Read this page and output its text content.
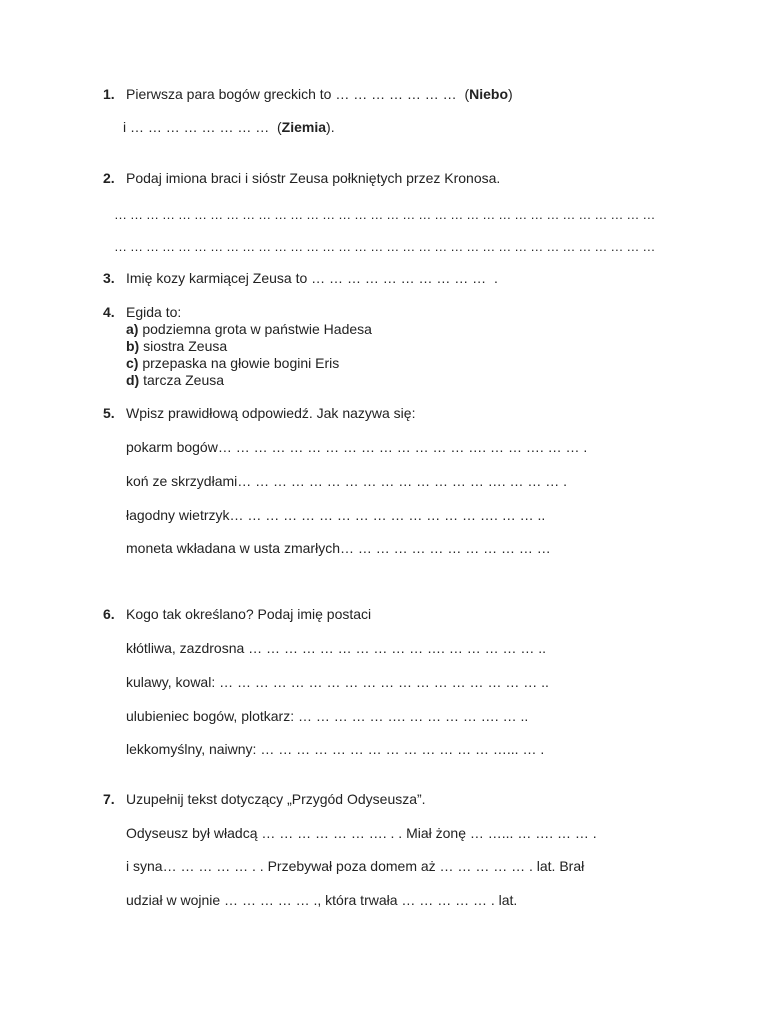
1. Pierwsza para bogów greckich to … … … … … … …  (Niebo)
i … … … … … … … …  (Ziemia).
2. Podaj imiona braci i sióstr Zeusa połkniętych przez Kronosa.
… … … … … … … … … … … … … … … … … … … … … … … … … … … … … … … … … …
… … … … … … … … … … … … … … … … … … … … … … … … … … … … … … … … … …
3. Imię kozy karmiącej Zeusa to … … … … … … … … … …  .
4. Egida to:
a) podziemna grota w państwie Hadesa
b) siostra Zeusa
c) przepaska na głowie bogini Eris
d) tarcza Zeusa
5. Wpisz prawidłową odpowiedź. Jak nazywa się:
pokarm bogów… … … … … … … … … … … … … … …. … … …. … … .
koń ze skrzydłami… … … … … … … … … … … … … … …. … … … .
łagodny wietrzyk… … … … … … … … … … … … … … …. … … ..
moneta wkładana w usta zmarłych… … … … … … … … … … … …
6. Kogo tak określano? Podaj imię postaci
kłótliwa, zazdrosna … … … … … … … … … … …. … … … … … ..
kulawy, kowal: … … … … … … … … … … … … … … … … … … ..
ulubieniec bogów, plotkarz: … … … … … …. … … … … …. … ..
lekkomyślny, naiwny: … … … … … … … … … … … … … …... … .
7. Uzupełnij tekst dotyczący „Przygód Odyseusza”.
Odyseusz był władcą … … … … … … …. . . Miał żonę … …... … …. … … .
i syna… … … … … . . Przebywał poza domem aż … … … … … . lat. Brał
udział w wojnie … … … … … ., która trwała … … … … … . lat.
